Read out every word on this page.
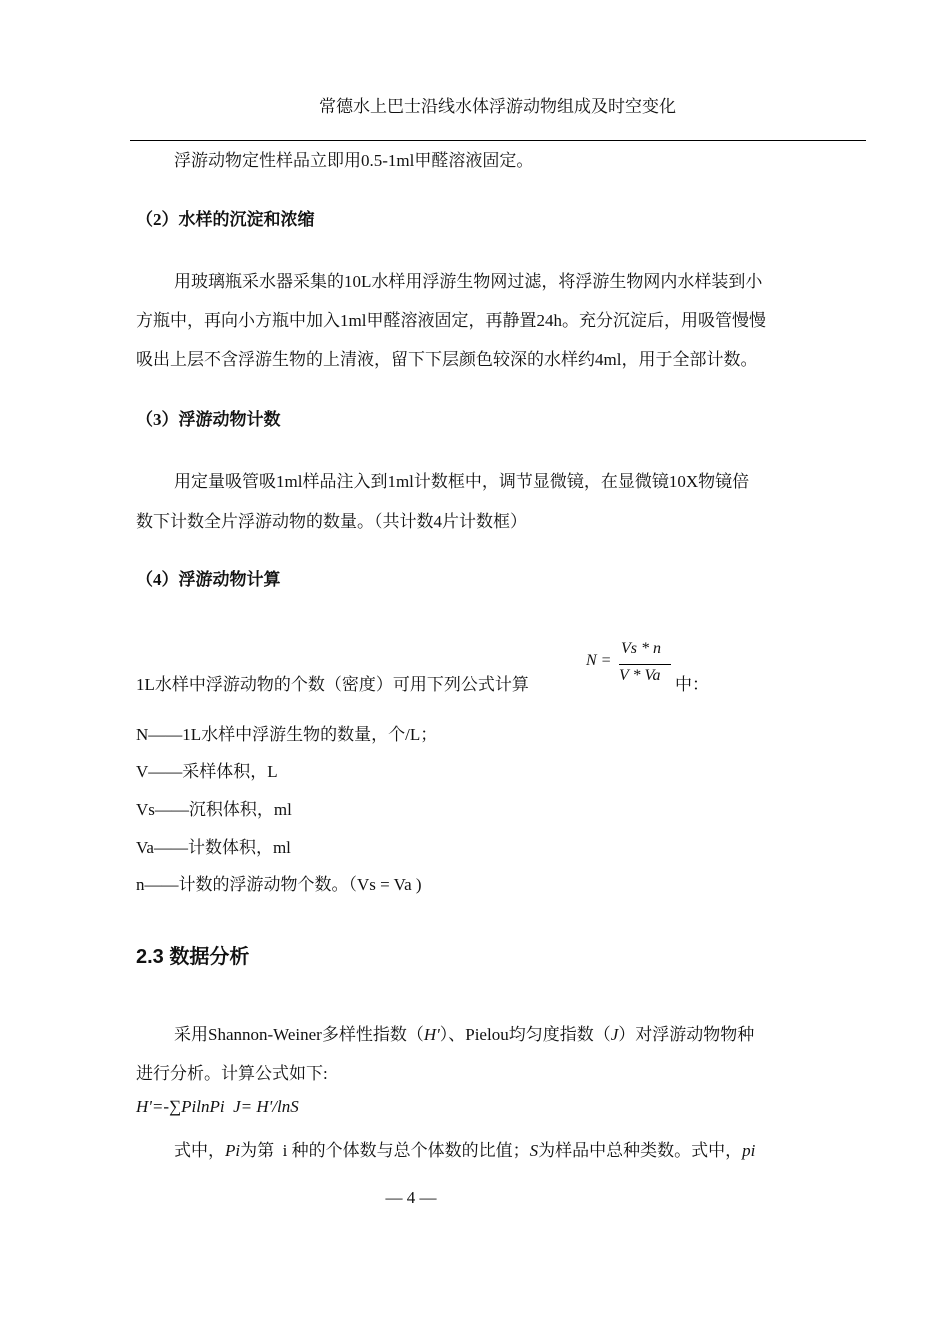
常德水上巴士沿线水体浮游动物组成及时空变化
浮游动物定性样品立即用0.5-1ml甲醛溶液固定。
（2）水样的沉淀和浓缩
用玻璃瓶采水器采集的10L水样用浮游生物网过滤，将浮游生物网内水样装到小
方瓶中，再向小方瓶中加入1ml甲醛溶液固定，再静置24h。充分沉淀后，用吸管慢慢
吸出上层不含浮游生物的上清液，留下下层颜色较深的水样约4ml，用于全部计数。
（3）浮游动物计数
用定量吸管吸1ml样品注入到1ml计数框中，调节显微镜，在显微镜10X物镜倍
数下计数全片浮游动物的数量。（共计数4片计数框）
（4）浮游动物计算
1L水样中浮游动物的个数（密度）可用下列公式计算
N =
Vs * n
V * Va 中：
N——1L水样中浮游生物的数量，个/L；
V——采样体积，L
Vs——沉积体积，ml
Va——计数体积，ml
n——计数的浮游动物个数。（Vs = Va )
2.3 数据分析
采用Shannon-Weiner多样性指数（H'）、Pielou均匀度指数（J）对浮游动物物种
进行分析。计算公式如下:
H'=-∑PilnPi  J= H'/lnS
式中，Pi为第  i 种的个体数与总个体数的比值；S为样品中总种类数。式中，pi
— 4 —
